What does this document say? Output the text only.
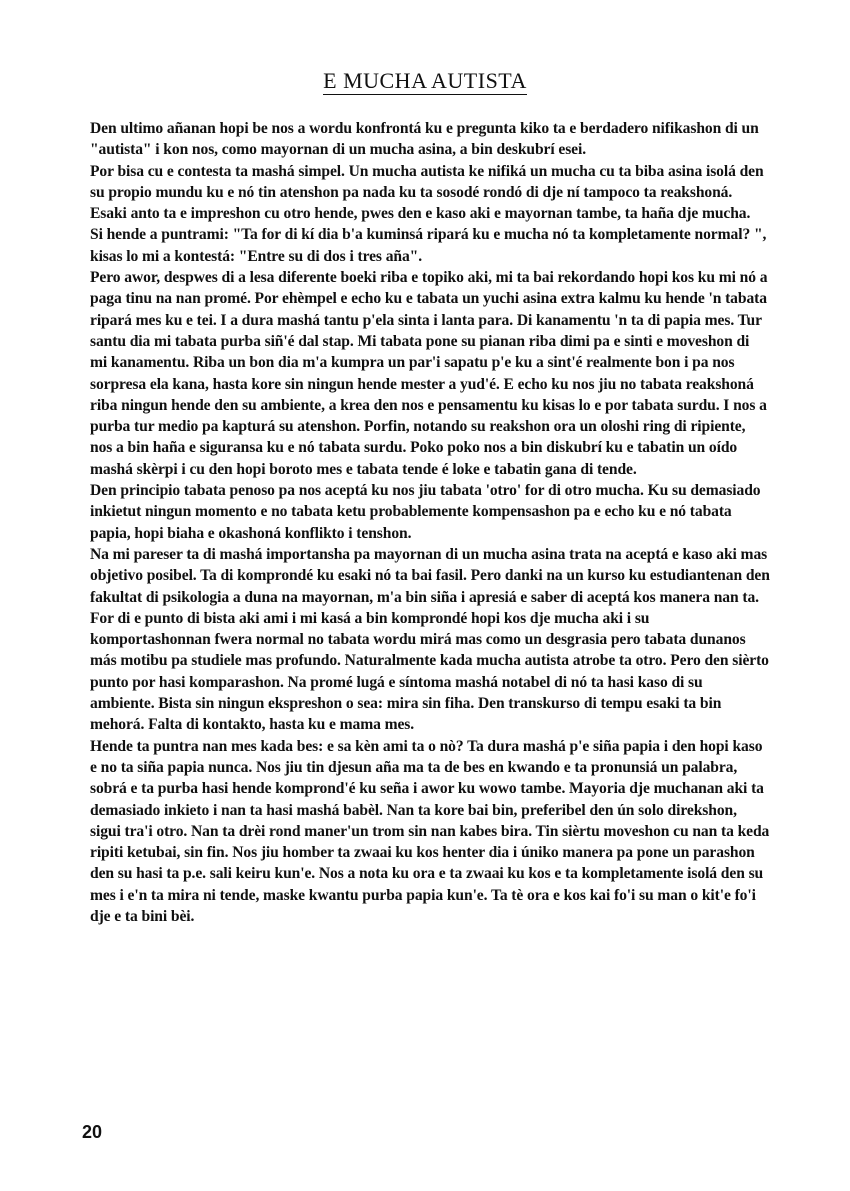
E MUCHA AUTISTA

Den ultimo añanan hopi be nos a wordu konfrontá ku e pregunta kiko ta e berdadero nifikashon di un "autista" i kon nos, como mayornan di un mucha asina, a bin deskubrí esei.

Por bisa cu e contesta ta mashá simpel. Un mucha autista ke nifiká un mucha cu ta biba asina isolá den su propio mundu ku e nó tin atenshon pa nada ku ta sosodé rondó di dje ní tampoco ta reakshoná. Esaki anto ta e impreshon cu otro hende, pwes den e kaso aki e mayornan tambe, ta haña dje mucha.

Si hende a puntrami: "Ta for di kí dia b'a kuminsá ripará ku e mucha nó ta kompletamente normal? ", kisas lo mi a kontestá: "Entre su di dos i tres aña".

Pero awor, despwes di a lesa diferente boeki riba e topiko aki, mi ta bai rekordando hopi kos ku mi nó a paga tinu na nan promé. Por ehèmpel e echo ku e tabata un yuchi asina extra kalmu ku hende 'n tabata ripará mes ku e tei. I a dura mashá tantu p'ela sinta i lanta para. Di kanamentu 'n ta di papia mes. Tur santu dia mi tabata purba siñ'é dal stap. Mi tabata pone su pianan riba dimi pa e sinti e moveshon di mi kanamentu. Riba un bon dia m'a kumpra un par'i sapatu p'e ku a sint'é realmente bon i pa nos sorpresa ela kana, hasta kore sin ningun hende mester a yud'é. E echo ku nos jiu no tabata reakshoná riba ningun hende den su ambiente, a krea den nos e pensamentu ku kisas lo e por tabata surdu. I nos a purba tur medio pa kapturá su atenshon. Porfin, notando su reakshon ora un oloshi ring di ripiente, nos a bin haña e siguransa ku e nó tabata surdu. Poko poko nos a bin diskubrí ku e tabatin un oído mashá skèrpi i cu den hopi boroto mes e tabata tende é loke e tabatin gana di tende.

Den principio tabata penoso pa nos aceptá ku nos jiu tabata 'otro' for di otro mucha. Ku su demasiado inkietut ningun momento e no tabata ketu probablemente kompensashon pa e echo ku e nó tabata papia, hopi biaha e okashoná konflikto i tenshon.

Na mi pareser ta di mashá importansha pa mayornan di un mucha asina trata na aceptá e kaso aki mas objetivo posibel. Ta di komprondé ku esaki nó ta bai fasil. Pero danki na un kurso ku estudiantenan den fakultat di psikologia a duna na mayornan, m'a bin siña i apresiá e saber di aceptá kos manera nan ta. For di e punto di bista aki ami i mi kasá a bin komprondé hopi kos dje mucha aki i su komportashonnan fwera normal no tabata wordu mirá mas como un desgrasia pero tabata dunanos más motibu pa studiele mas profundo. Naturalmente kada mucha autista atrobe ta otro. Pero den sièrto punto por hasi komparashon. Na promé lugá e síntoma mashá notabel di nó ta hasi kaso di su ambiente. Bista sin ningun ekspreshon o sea: mira sin fiha. Den transkurso di tempu esaki ta bin mehorá. Falta di kontakto, hasta ku e mama mes.

Hende ta puntra nan mes kada bes: e sa kèn ami ta o nò? Ta dura mashá p'e siña papia i den hopi kaso e no ta siña papia nunca. Nos jiu tin djesun aña ma ta de bes en kwando e ta pronunsiá un palabra, sobrá e ta purba hasi hende komprond'é ku seña i awor ku wowo tambe. Mayoria dje muchanan aki ta demasiado inkieto i nan ta hasi mashá babèl. Nan ta kore bai bin, preferibel den ún solo direkshon, sigui tra'i otro. Nan ta drèi rond maner'un trom sin nan kabes bira. Tin sièrtu moveshon cu nan ta keda ripiti ketubai, sin fin. Nos jiu homber ta zwaai ku kos henter dia i úniko manera pa pone un parashon den su hasi ta p.e. sali keiru kun'e. Nos a nota ku ora e ta zwaai ku kos e ta kompletamente isolá den su mes i e'n ta mira ni tende, maske kwantu purba papia kun'e. Ta tè ora e kos kai fo'i su man o kit'e fo'i dje e ta bini bèi.

20
